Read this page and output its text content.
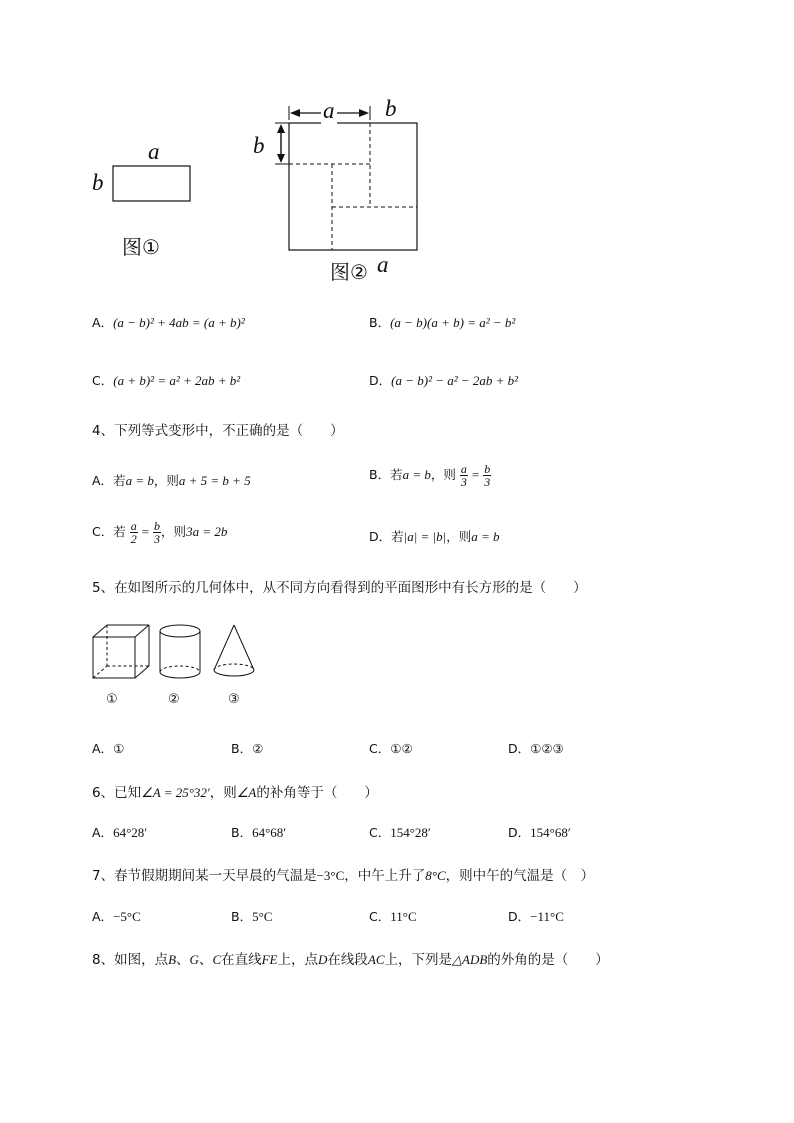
a
b
图①
a b
b
图② a
A．(a − b)² + 4ab = (a + b)²	B．(a − b)(a + b) = a² − b²
C．(a + b)² = a² + 2ab + b²	D．(a − b)² − a² − 2ab + b²
4、下列等式变形中，不正确的是（　　）
A．若a = b，则a + 5 = b + 5	B．若a = b，则 $\frac{a}{3} = \frac{b}{3}$
C．若 $\frac{a}{2} = \frac{b}{3}$ ，则3a = 2b	D．若|a| = |b|，则a = b
5、在如图所示的几何体中，从不同方向看得到的平面图形中有长方形的是（　　）
①	②	③
A．①	B．②	C．①②	D．①②③
6、已知∠A = 25°32′，则∠A的补角等于（　　）
A．64°28′	B．64°68′	C．154°28′	D．154°68′
7、春节假期期间某一天早晨的气温是−3°C，中午上升了8°C，则中午的气温是（　）
A．−5°C	B．5°C	C．11°C	D．−11°C
8、如图，点B、G、C在直线FE上，点D在线段AC上，下列是△ADB的外角的是（　　）
